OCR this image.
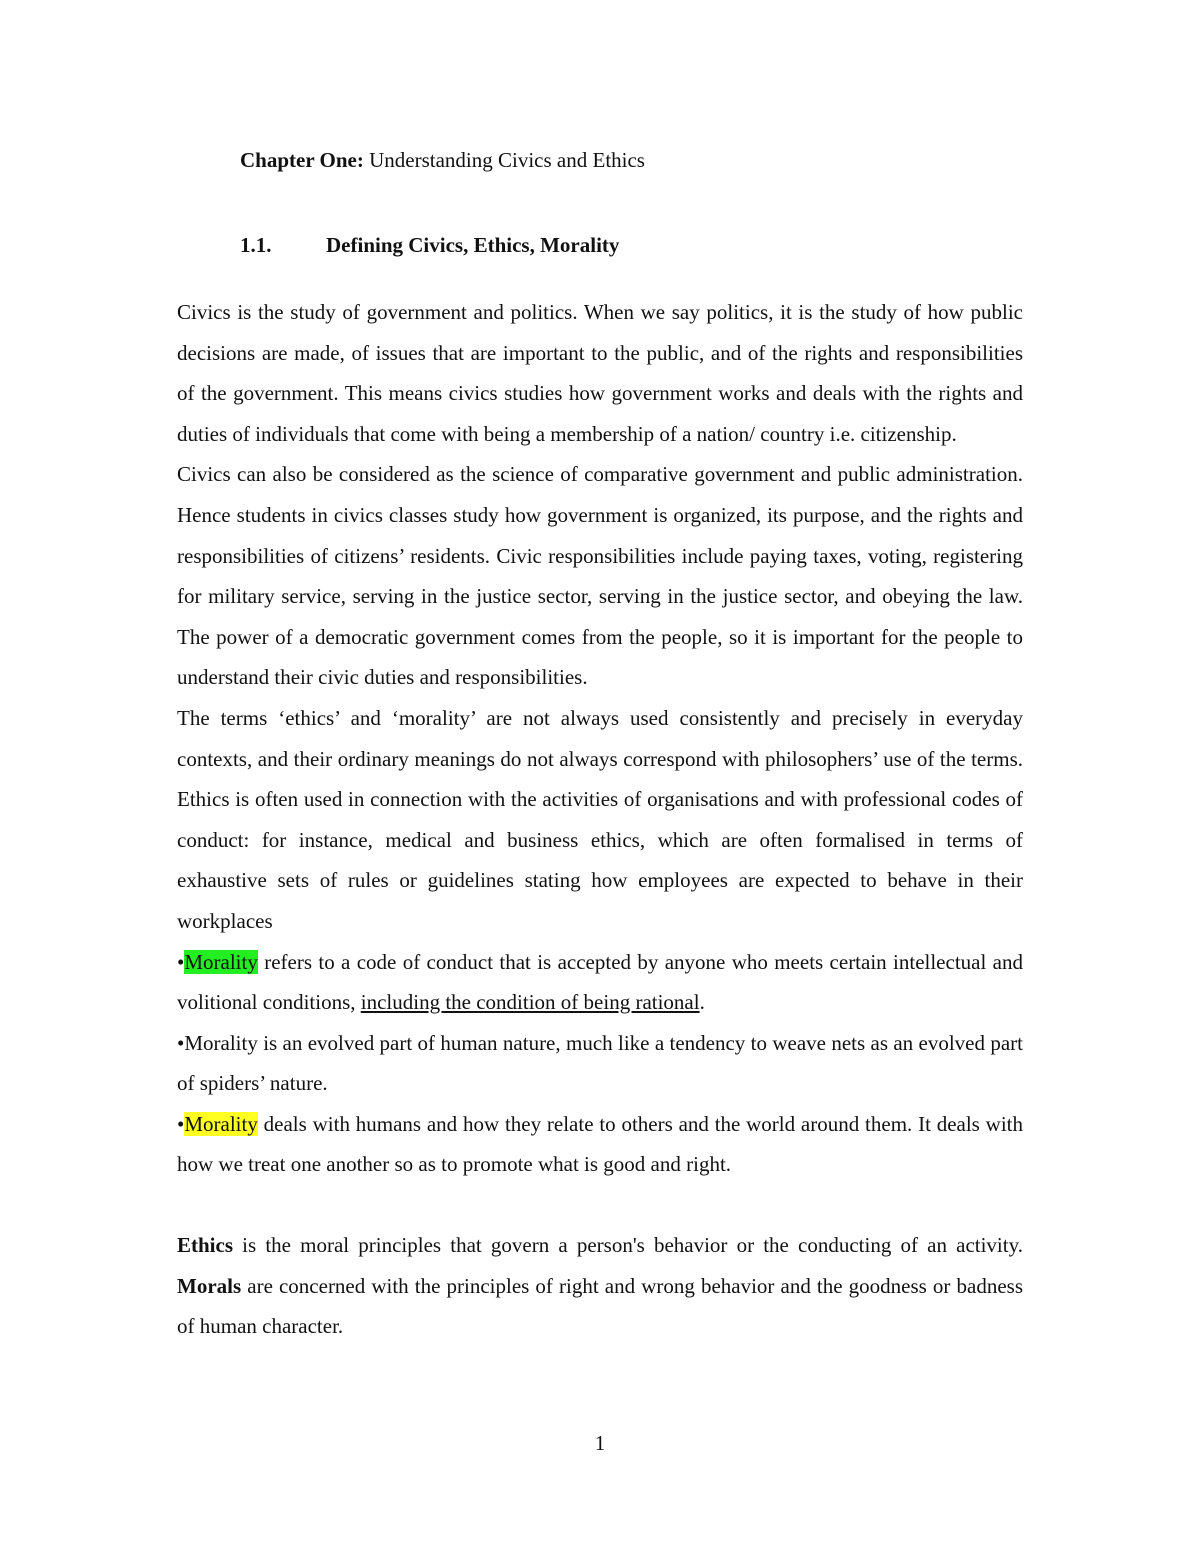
Chapter One: Understanding Civics and Ethics
1.1.	Defining Civics, Ethics, Morality

Civics is the study of government and politics. When we say politics, it is the study of how public decisions are made, of issues that are important to the public, and of the rights and responsibilities of the government. This means civics studies how government works and deals with the rights and duties of individuals that come with being a membership of a nation/ country i.e. citizenship.

Civics can also be considered as the science of comparative government and public administration. Hence students in civics classes study how government is organized, its purpose, and the rights and responsibilities of citizens’ residents. Civic responsibilities include paying taxes, voting, registering for military service, serving in the justice sector, serving in the justice sector, and obeying the law. The power of a democratic government comes from the people, so it is important for the people to understand their civic duties and responsibilities.

The terms ‘ethics’ and ‘morality’ are not always used consistently and precisely in everyday contexts, and their ordinary meanings do not always correspond with philosophers’ use of the terms. Ethics is often used in connection with the activities of organisations and with professional codes of conduct: for instance, medical and business ethics, which are often formalised in terms of exhaustive sets of rules or guidelines stating how employees are expected to behave in their workplaces

•Morality refers to a code of conduct that is accepted by anyone who meets certain intellectual and volitional conditions, including the condition of being rational.

•Morality is an evolved part of human nature, much like a tendency to weave nets as an evolved part of spiders’ nature.

•Morality deals with humans and how they relate to others and the world around them. It deals with how we treat one another so as to promote what is good and right.

Ethics is the moral principles that govern a person's behavior or the conducting of an activity. Morals are concerned with the principles of right and wrong behavior and the goodness or badness of human character.

1
